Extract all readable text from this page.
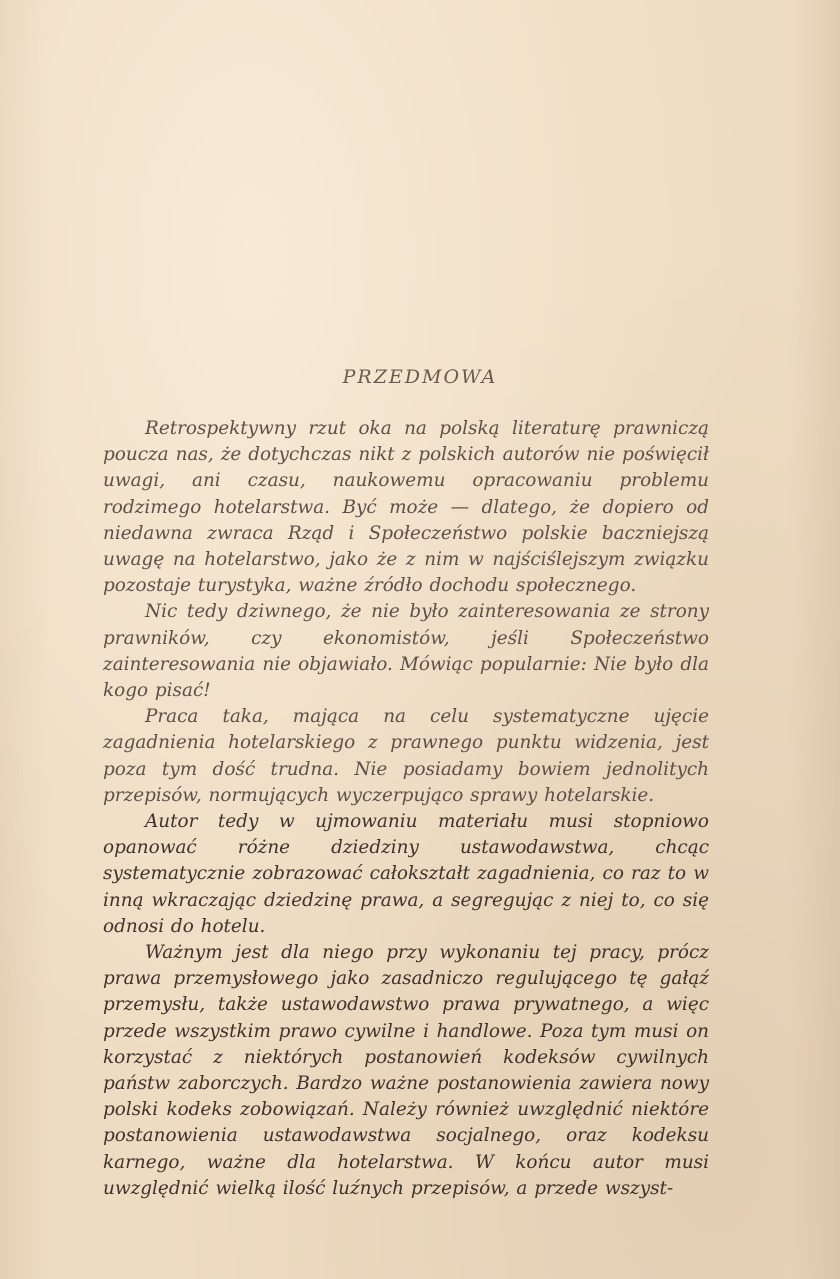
PRZEDMOWA

Retrospektywny rzut oka na polską literaturę prawniczą poucza nas, że dotychczas nikt z polskich autorów nie poświęcił uwagi, ani czasu, naukowemu opracowaniu problemu rodzimego hotelarstwa. Być może — dlatego, że dopiero od niedawna zwraca Rząd i Społeczeństwo polskie baczniejszą uwagę na hotelarstwo, jako że z nim w najściślejszym związku pozostaje turystyka, ważne źródło dochodu społecznego.

Nic tedy dziwnego, że nie było zainteresowania ze strony prawników, czy ekonomistów, jeśli Społeczeństwo zainteresowania nie objawiało. Mówiąc popularnie: Nie było dla kogo pisać!

Praca taka, mająca na celu systematyczne ujęcie zagadnienia hotelarskiego z prawnego punktu widzenia, jest poza tym dość trudna. Nie posiadamy bowiem jednolitych przepisów, normujących wyczerpująco sprawy hotelarskie.

Autor tedy w ujmowaniu materiału musi stopniowo opanować różne dziedziny ustawodawstwa, chcąc systematycznie zobrazować całokształt zagadnienia, co raz to w inną wkraczając dziedzinę prawa, a segregując z niej to, co się odnosi do hotelu.

Ważnym jest dla niego przy wykonaniu tej pracy, prócz prawa przemysłowego jako zasadniczo regulującego tę gałąź przemysłu, także ustawodawstwo prawa prywatnego, a więc przede wszystkim prawo cywilne i handlowe. Poza tym musi on korzystać z niektórych postanowień kodeksów cywilnych państw zaborczych. Bardzo ważne postanowienia zawiera nowy polski kodeks zobowiązań. Należy również uwzględnić niektóre postanowienia ustawodawstwa socjalnego, oraz kodeksu karnego, ważne dla hotelarstwa. W końcu autor musi uwzględnić wielką ilość luźnych przepisów, a przede wszyst-
